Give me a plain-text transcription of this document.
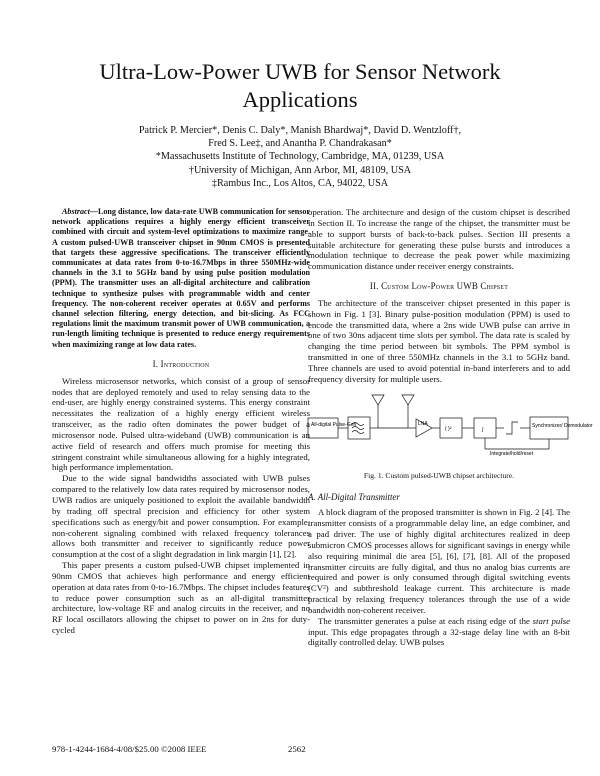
Ultra-Low-Power UWB for Sensor Network Applications
Patrick P. Mercier*, Denis C. Daly*, Manish Bhardwaj*, David D. Wentzloff†,
Fred S. Lee‡, and Anantha P. Chandrakasan*
*Massachusetts Institute of Technology, Cambridge, MA, 01239, USA
†University of Michigan, Ann Arbor, MI, 48109, USA
‡Rambus Inc., Los Altos, CA, 94022, USA

Abstract—Long distance, low data-rate UWB communication for sensor network applications requires a highly energy efficient transceiver combined with circuit and system-level optimizations to maximize range. A custom pulsed-UWB transceiver chipset in 90nm CMOS is presented that targets these aggressive specifications. The transceiver efficiently communicates at data rates from 0-to-16.7Mbps in three 550MHz-wide channels in the 3.1 to 5GHz band by using pulse position modulation (PPM). The transmitter uses an all-digital architecture and calibration technique to synthesize pulses with programmable width and center frequency. The non-coherent receiver operates at 0.65V and performs channel selection filtering, energy detection, and bit-slicing. As FCC regulations limit the maximum transmit power of UWB communication, a run-length limiting technique is presented to reduce energy requirements when maximizing range at low data rates.

I. Introduction

Wireless microsensor networks, which consist of a group of sensor nodes that are deployed remotely and used to relay sensing data to the end-user, are highly energy constrained systems. This energy constraint necessitates the realization of a highly energy efficient wireless transceiver, as the radio often dominates the power budget of a microsensor node. Pulsed ultra-wideband (UWB) communication is an active field of research and offers much promise for meeting this stringent constraint while simultaneous allowing for a highly integrated, high performance implementation.

Due to the wide signal bandwidths associated with UWB pulses compared to the relatively low data rates required by microsensor nodes, UWB radios are uniquely positioned to exploit the available bandwidth by trading off spectral precision and efficiency for other system specifications such as energy/bit and power consumption. For example, non-coherent signaling combined with relaxed frequency tolerances allows both transmitter and receiver to significantly reduce power consumption at the cost of a slight degradation in link margin [1], [2].

This paper presents a custom pulsed-UWB chipset implemented in 90nm CMOS that achieves high performance and energy efficient operation at data rates from 0-to-16.7Mbps. The chipset includes features to reduce power consumption such as an all-digital transmitter architecture, low-voltage RF and analog circuits in the receiver, and no RF local oscillators allowing the chipset to power on in 2ns for duty-cycled

operation. The architecture and design of the custom chipset is described in Section II. To increase the range of the chipset, the transmitter must be able to support bursts of back-to-back pulses. Section III presents a suitable architecture for generating these pulse bursts and introduces a modulation technique to decrease the peak power while maximizing communication distance under receiver energy constraints.

II. Custom Low-Power UWB Chipset

The architecture of the transceiver chipset presented in this paper is shown in Fig. 1 [3]. Binary pulse-position modulation (PPM) is used to encode the transmitted data, where a 2ns wide UWB pulse can arrive in one of two 30ns adjacent time slots per symbol. The data rate is scaled by changing the time period between bit symbols. The PPM symbol is transmitted in one of three 550MHz channels in the 3.1 to 5GHz band. Three channels are used to avoid potential in-band interferers and to add frequency diversity for multiple users.

All-digital Pulse-Gen	LNA
( )²	∫
Synchronizer/ Demodulator
Integrate/hold/reset
Fig. 1. Custom pulsed-UWB chipset architecture.
A. All-Digital Transmitter

A block diagram of the proposed transmitter is shown in Fig. 2 [4]. The transmitter consists of a programmable delay line, an edge combiner, and a pad driver. The use of highly digital architectures realized in deep submicron CMOS processes allows for significant savings in energy while also requiring minimal die area [5], [6], [7], [8]. All of the proposed transmitter circuits are fully digital, and thus no analog bias currents are required and power is only consumed through digital switching events (CV²) and subthreshold leakage current. This architecture is made practical by relaxing frequency tolerances through the use of a wide bandwidth non-coherent receiver.

The transmitter generates a pulse at each rising edge of the start pulse input. This edge propagates through a 32-stage delay line with an 8-bit digitally controlled delay. UWB pulses

978-1-4244-1684-4/08/$25.00 ©2008 IEEE	2562
